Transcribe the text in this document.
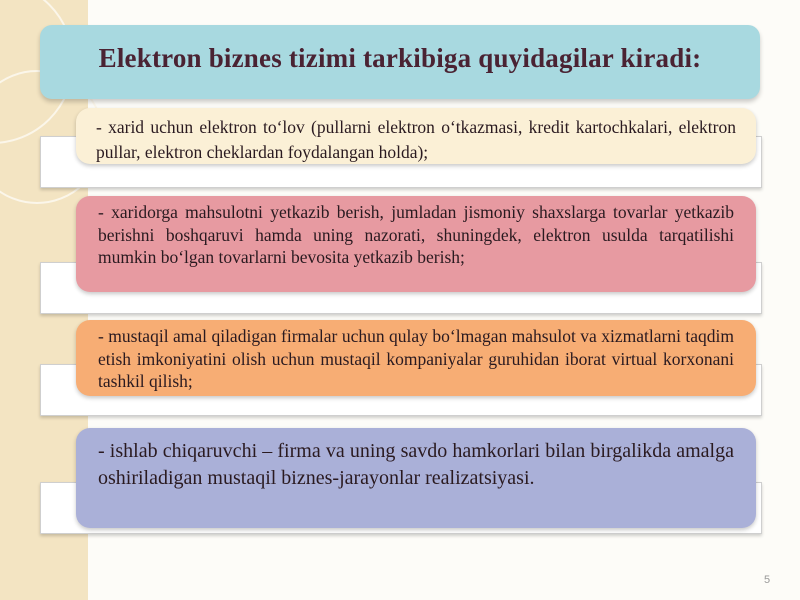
Elektron biznes tizimi tarkibiga quyidagilar kiradi:

- xarid uchun elektron to‘lov (pullarni elektron o‘tkazmasi, kredit kartochkalari, elektron pullar, elektron cheklardan foydalangan holda);

- xaridorga mahsulotni yetkazib berish, jumladan jismoniy shaxslarga tovarlar yetkazib berishni boshqaruvi hamda uning nazorati, shuningdek, elektron usulda tarqatilishi mumkin bo‘lgan tovarlarni bevosita yetkazib berish;

- mustaqil amal qiladigan firmalar uchun qulay bo‘lmagan mahsulot va xizmatlarni taqdim etish imkoniyatini olish uchun mustaqil kompaniyalar guruhidan iborat virtual korxonani tashkil qilish;

- ishlab chiqaruvchi – firma va uning savdo hamkorlari bilan birgalikda amalga oshiriladigan mustaqil biznes-jarayonlar realizatsiyasi.

5
